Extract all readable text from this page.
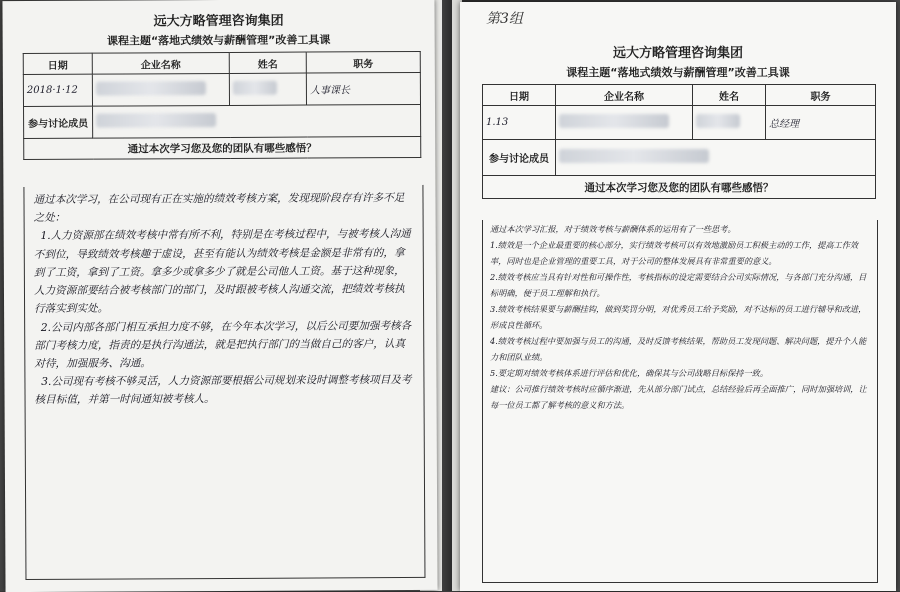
远大方略管理咨询集团
课程主题“落地式绩效与薪酬管理”改善工具课
日期	企业名称	姓名	职务
2018·1·12			人事课长
参与讨论成员			
通过本次学习您及您的团队有哪些感悟？			
通过本次学习，在公司现有正在实施的绩效考核方案，发现现阶段存有许多不足之处：
1.人力资源部在绩效考核中常有所不利，特别是在考核过程中，与被考核人沟通不到位，导致绩效考核趣于虚设，甚至有能认为绩效考核是金额是非常有的，拿到了工资，拿到了工资。拿多少或拿多少了就是公司他人工资。基于这种现象，人力资源部要结合被考核部门的部门，及时跟被考核人沟通交流，把绩效考核执行落实到实处。
2.公司内部各部门相互承担力度不够，在今年本次学习，以后公司要加强考核各部门考核力度，指责的是执行沟通法，就是把执行部门的当做自己的客户，认真对待，加强服务、沟通。
3.公司现有考核不够灵活，人力资源部要根据公司规划来设时调整考核项目及考核目标值，并第一时间通知被考核人。
第3组
远大方略管理咨询集团
课程主题“落地式绩效与薪酬管理”改善工具课
日期	企业名称	姓名	职务
1.13			总经理
参与讨论成员			
通过本次学习您及您的团队有哪些感悟？			
通过本次学习汇报，对于绩效考核与薪酬体系的运用有了一些思考。
1.绩效是一个企业最重要的核心部分，实行绩效考核可以有效地激励员工积极主动的工作，提高工作效率，同时也是企业管理的重要工具，对于公司的整体发展具有非常重要的意义。
2.绩效考核应当具有针对性和可操作性，考核指标的设定需要结合公司实际情况，与各部门充分沟通，目标明确，便于员工理解和执行。
3.绩效考核结果要与薪酬挂钩，做到奖罚分明，对优秀员工给予奖励，对不达标的员工进行辅导和改进，形成良性循环。
4.绩效考核过程中要加强与员工的沟通，及时反馈考核结果，帮助员工发现问题、解决问题，提升个人能力和团队业绩。
5.要定期对绩效考核体系进行评估和优化，确保其与公司战略目标保持一致。
建议：公司推行绩效考核时应循序渐进，先从部分部门试点，总结经验后再全面推广，同时加强培训，让每一位员工都了解考核的意义和方法。
